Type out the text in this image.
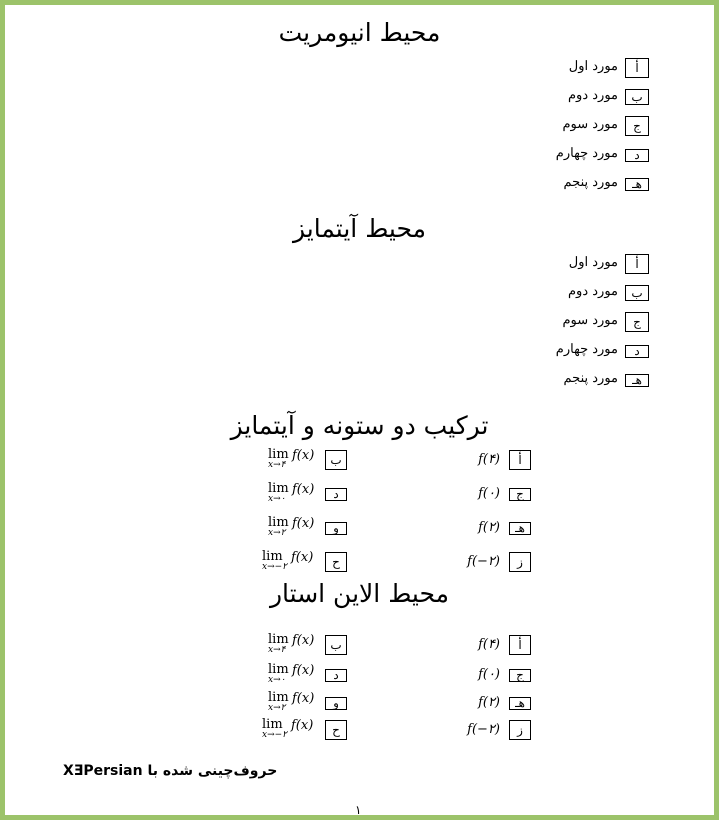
محیط انیومریت
أ
مورد اول
ب
مورد دوم
ج
مورد سوم
د
مورد چهارم
هـ
مورد پنجم
محیط آیتمایز
أ
مورد اول
ب
مورد دوم
ج
مورد سوم
د
مورد چهارم
هـ
مورد پنجم
ترکیب دو ستونه و آیتمایز
أ
f(۴)
ج
f(۰)
هـ
f(۲)
ز
f(−۲)
ب
lim
x→۴
f(x)
د
lim
x→۰
f(x)
و
lim
x→۲
f(x)
ح
lim
x→−۲
f(x)
محیط الاین استار
أ
f(۴)
ج
f(۰)
هـ
f(۲)
ز
f(−۲)
ب
lim
x→۴
f(x)
د
lim
x→۰
f(x)
و
lim
x→۲
f(x)
ح
lim
x→−۲
f(x)
حروف‌چینی شده با XƎPersian
۱
